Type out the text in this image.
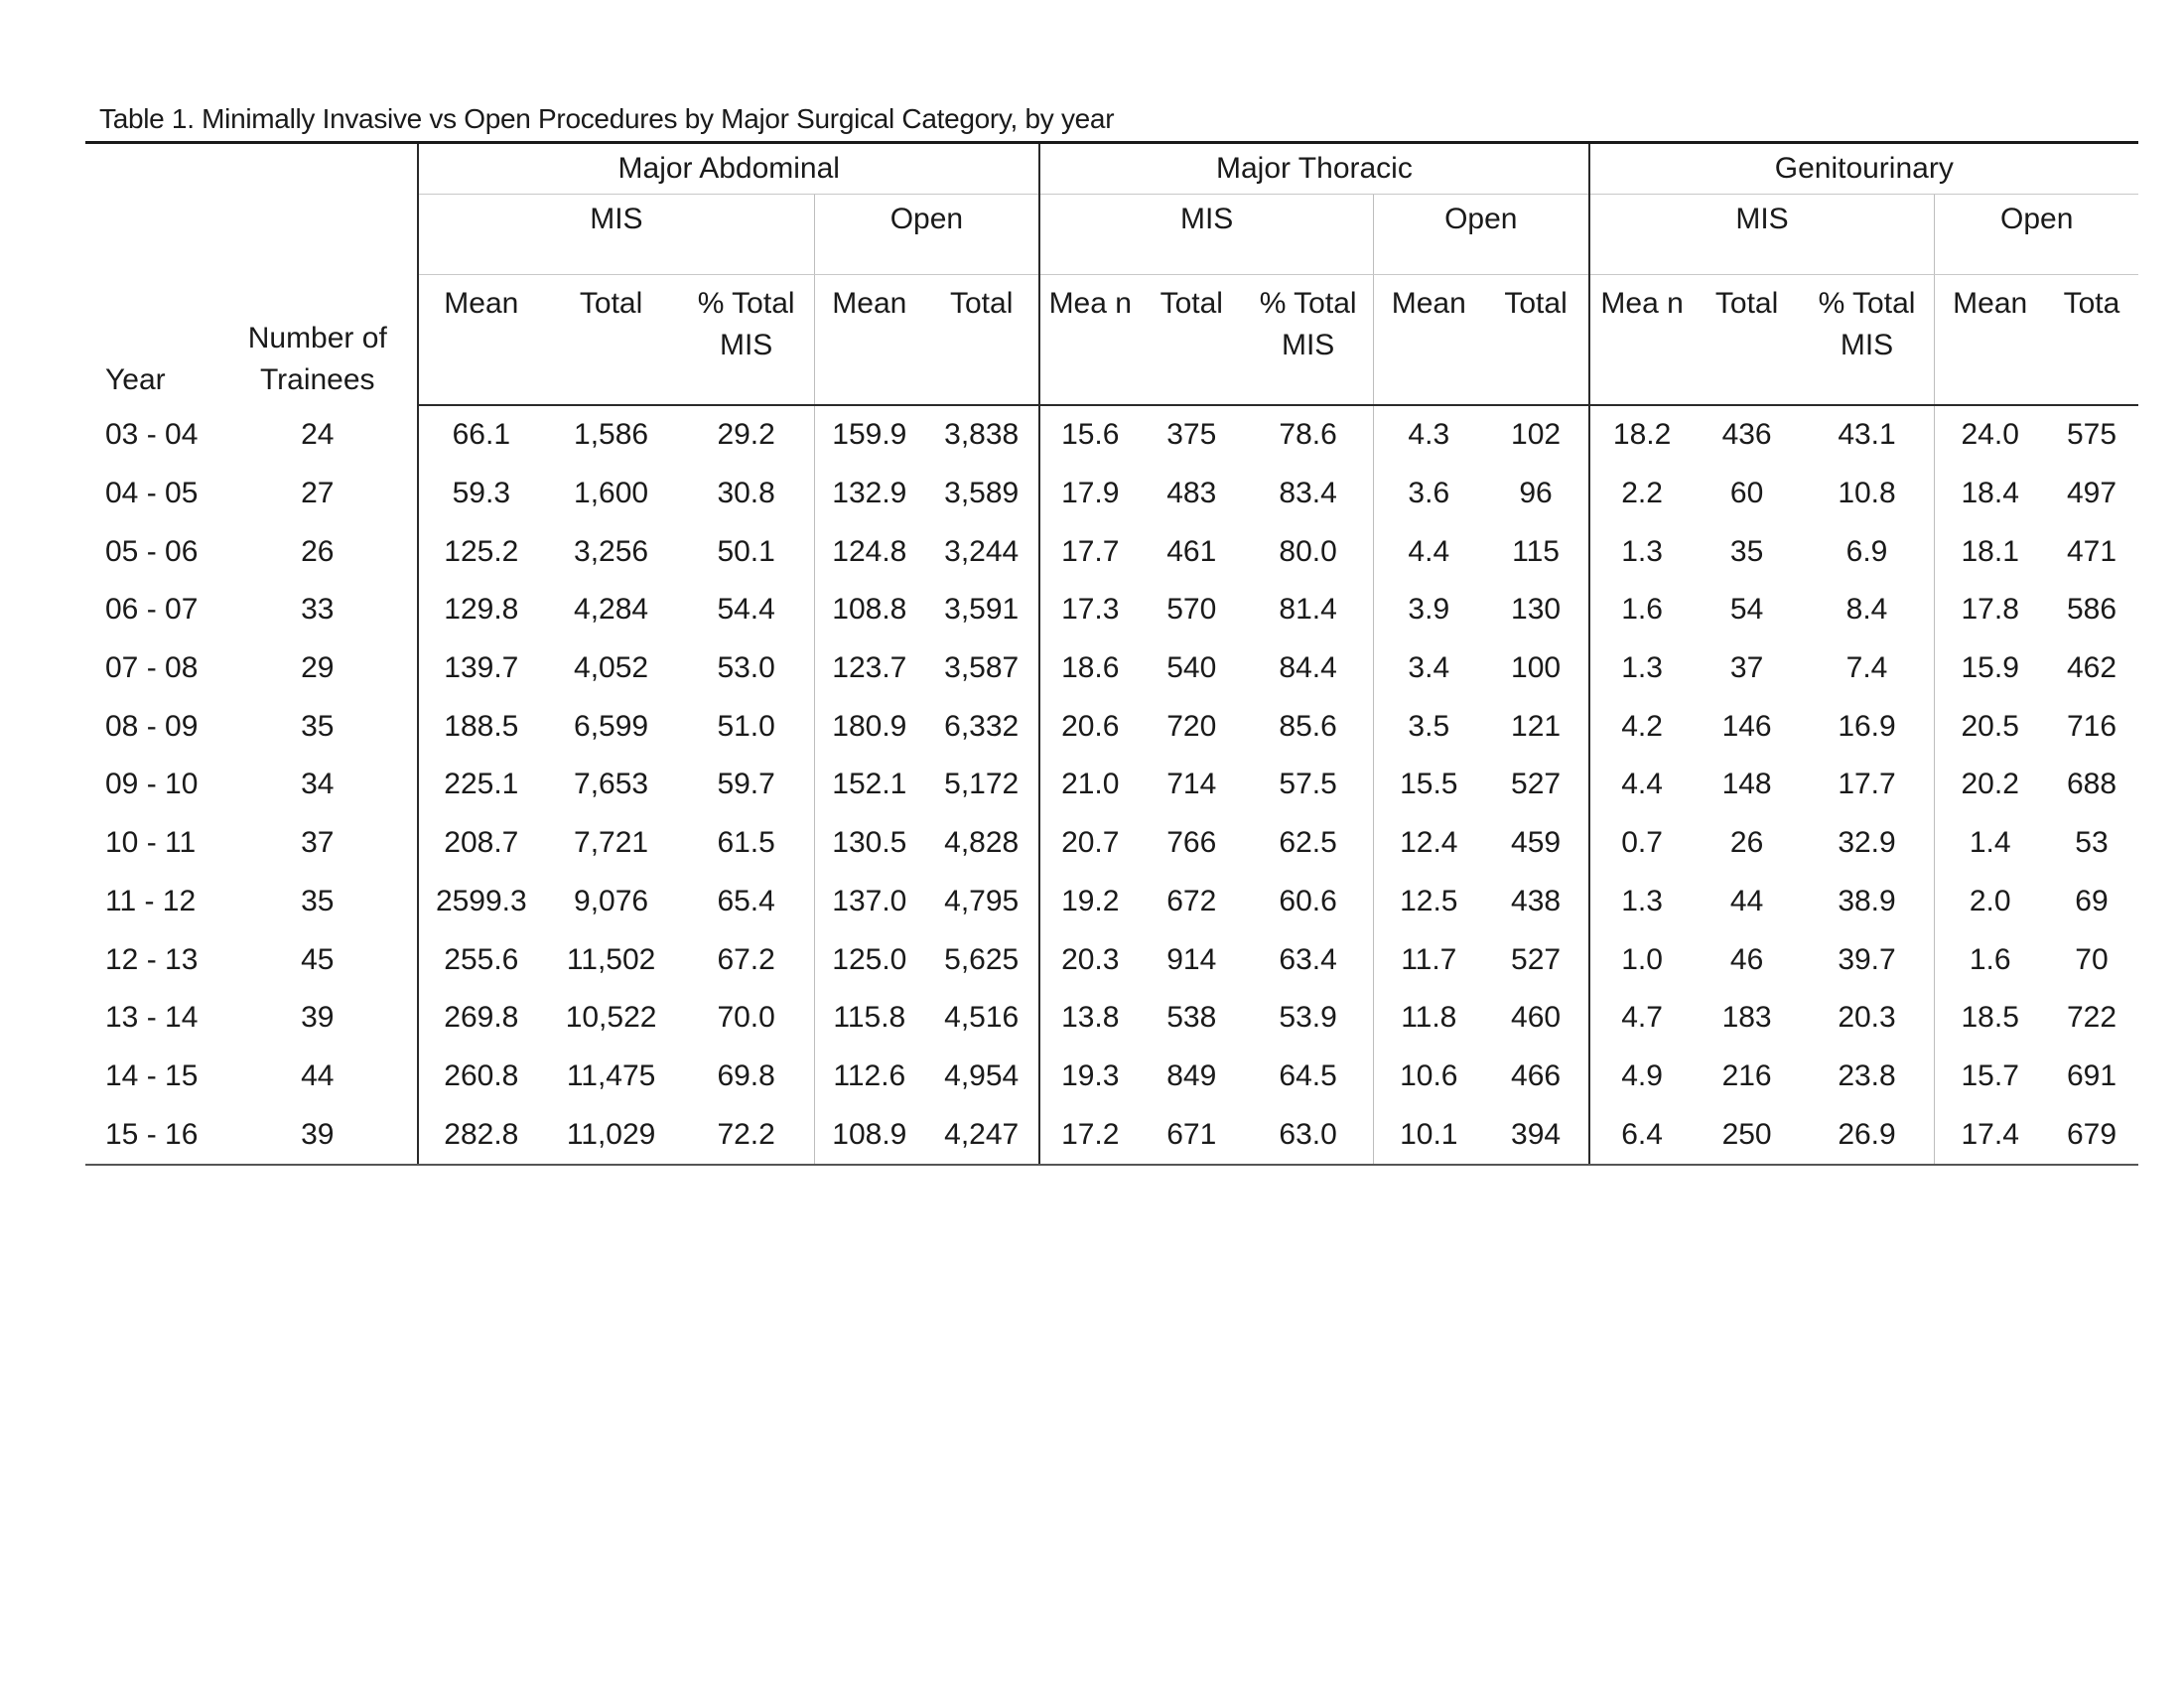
Table 1. Minimally Invasive vs Open Procedures by Major Surgical Category, by year
Year	Number of Trainees	Major Abdominal					Major Thoracic					Genitourinary				
		MIS			Open		MIS			Open		MIS			Open	
		Mean	Total	% Total MIS	Mean	Total	Mea n	Total	% Total MIS	Mean	Total	Mea n	Total	% Total MIS	Mean	Tota
03 - 04	24	66.1	1,586	29.2	159.9	3,838	15.6	375	78.6	4.3	102	18.2	436	43.1	24.0	575
04 - 05	27	59.3	1,600	30.8	132.9	3,589	17.9	483	83.4	3.6	96	2.2	60	10.8	18.4	497
05 - 06	26	125.2	3,256	50.1	124.8	3,244	17.7	461	80.0	4.4	115	1.3	35	6.9	18.1	471
06 - 07	33	129.8	4,284	54.4	108.8	3,591	17.3	570	81.4	3.9	130	1.6	54	8.4	17.8	586
07 - 08	29	139.7	4,052	53.0	123.7	3,587	18.6	540	84.4	3.4	100	1.3	37	7.4	15.9	462
08 - 09	35	188.5	6,599	51.0	180.9	6,332	20.6	720	85.6	3.5	121	4.2	146	16.9	20.5	716
09 - 10	34	225.1	7,653	59.7	152.1	5,172	21.0	714	57.5	15.5	527	4.4	148	17.7	20.2	688
10 - 11	37	208.7	7,721	61.5	130.5	4,828	20.7	766	62.5	12.4	459	0.7	26	32.9	1.4	53
11 - 12	35	2599.3	9,076	65.4	137.0	4,795	19.2	672	60.6	12.5	438	1.3	44	38.9	2.0	69
12 - 13	45	255.6	11,502	67.2	125.0	5,625	20.3	914	63.4	11.7	527	1.0	46	39.7	1.6	70
13 - 14	39	269.8	10,522	70.0	115.8	4,516	13.8	538	53.9	11.8	460	4.7	183	20.3	18.5	722
14 - 15	44	260.8	11,475	69.8	112.6	4,954	19.3	849	64.5	10.6	466	4.9	216	23.8	15.7	691
15 - 16	39	282.8	11,029	72.2	108.9	4,247	17.2	671	63.0	10.1	394	6.4	250	26.9	17.4	679
